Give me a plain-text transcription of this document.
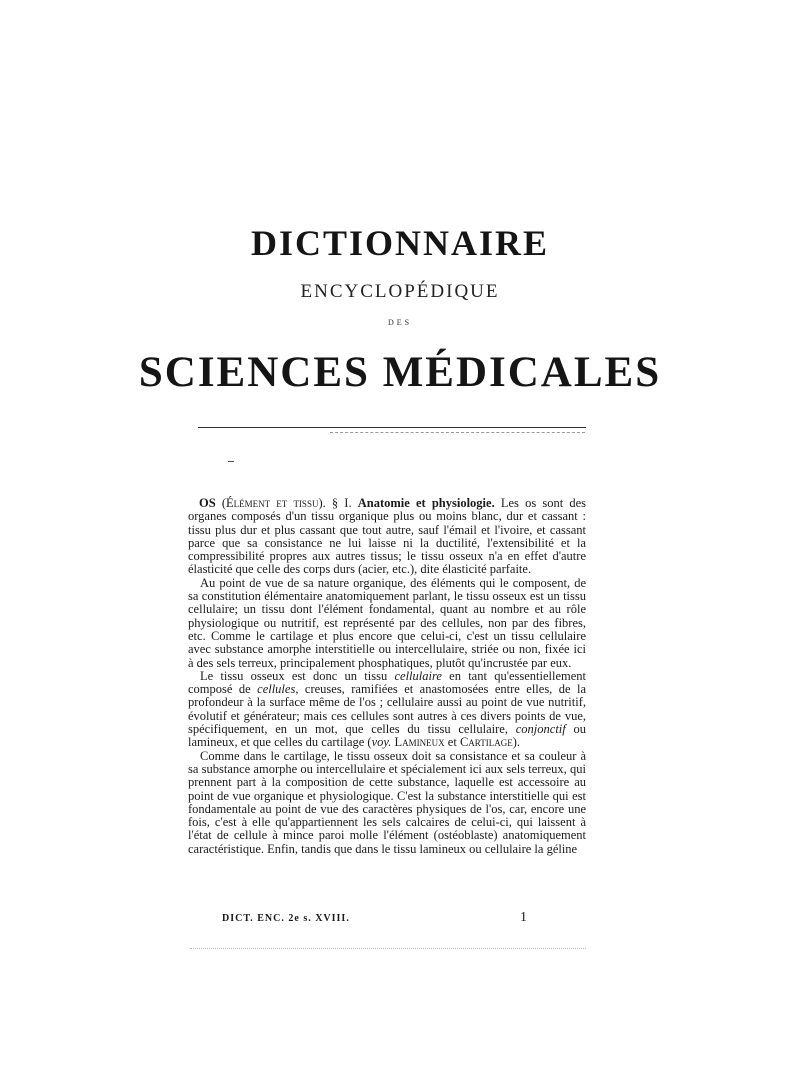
DICTIONNAIRE
ENCYCLOPÉDIQUE
DES
SCIENCES MÉDICALES

OS (Élément et tissu). § I. Anatomie et physiologie. Les os sont des organes composés d'un tissu organique plus ou moins blanc, dur et cassant : tissu plus dur et plus cassant que tout autre, sauf l'émail et l'ivoire, et cassant parce que sa consistance ne lui laisse ni la ductilité, l'extensibilité et la compressibilité propres aux autres tissus; le tissu osseux n'a en effet d'autre élasticité que celle des corps durs (acier, etc.), dite élasticité parfaite.

Au point de vue de sa nature organique, des éléments qui le composent, de sa constitution élémentaire anatomiquement parlant, le tissu osseux est un tissu cellulaire; un tissu dont l'élément fondamental, quant au nombre et au rôle physiologique ou nutritif, est représenté par des cellules, non par des fibres, etc. Comme le cartilage et plus encore que celui-ci, c'est un tissu cellulaire avec substance amorphe interstitielle ou intercellulaire, striée ou non, fixée ici à des sels terreux, principalement phosphatiques, plutôt qu'incrustée par eux.

Le tissu osseux est donc un tissu cellulaire en tant qu'essentiellement composé de cellules, creuses, ramifiées et anastomosées entre elles, de la profondeur à la surface même de l'os ; cellulaire aussi au point de vue nutritif, évolutif et générateur; mais ces cellules sont autres à ces divers points de vue, spécifiquement, en un mot, que celles du tissu cellulaire, conjonctif ou lamineux, et que celles du cartilage (voy. Lamineux et Cartilage).

Comme dans le cartilage, le tissu osseux doit sa consistance et sa couleur à sa substance amorphe ou intercellulaire et spécialement ici aux sels terreux, qui prennent part à la composition de cette substance, laquelle est accessoire au point de vue organique et physiologique. C'est la substance interstitielle qui est fondamentale au point de vue des caractères physiques de l'os, car, encore une fois, c'est à elle qu'appartiennent les sels calcaires de celui-ci, qui laissent à l'état de cellule à mince paroi molle l'élément (ostéoblaste) anatomiquement caractéristique. Enfin, tandis que dans le tissu lamineux ou cellulaire la géline

DICT. ENC. 2e s. XVIII.	1
